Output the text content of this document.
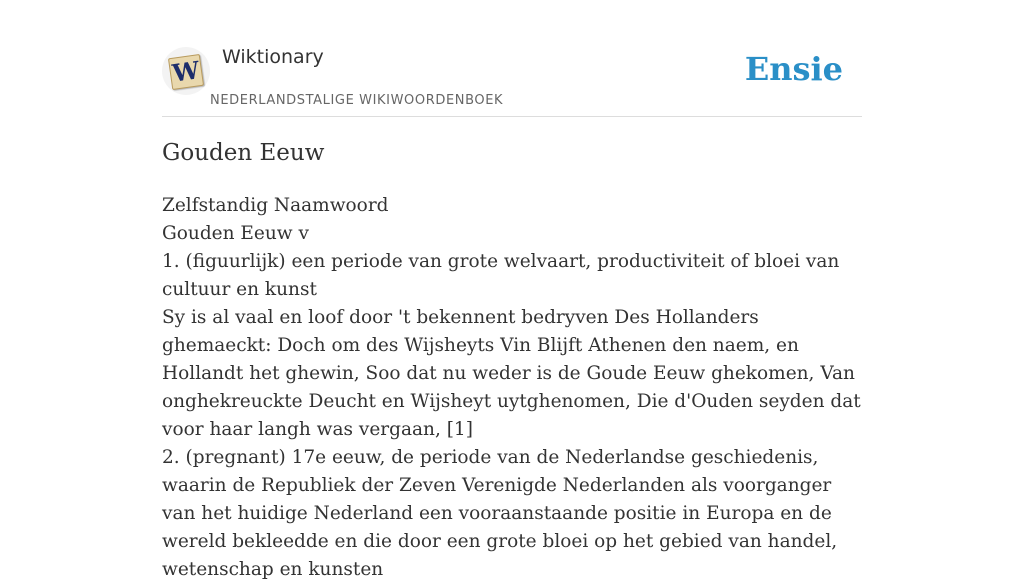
W Wiktionary
NEDERLANDSTALIGE WIKIWOORDENBOEK
Ensie
Gouden Eeuw

Zelfstandig Naamwoord

Gouden Eeuw v

1. (figuurlijk) een periode van grote welvaart, productiviteit of bloei van cultuur en kunst

Sy is al vaal en loof door 't bekennent bedryven Des Hollanders ghemaeckt: Doch om des Wijsheyts Vin Blijft Athenen den naem, en Hollandt het ghewin, Soo dat nu weder is de Goude Eeuw ghekomen, Van onghekreuckte Deucht en Wijsheyt uytghenomen, Die d'Ouden seyden dat voor haar langh was vergaan, [1]

2. (pregnant) 17e eeuw, de periode van de Nederlandse geschiedenis, waarin de Republiek der Zeven Verenigde Nederlanden als voorganger van het huidige Nederland een vooraanstaande positie in Europa en de wereld bekleedde en die door een grote bloei op het gebied van handel, wetenschap en kunsten
